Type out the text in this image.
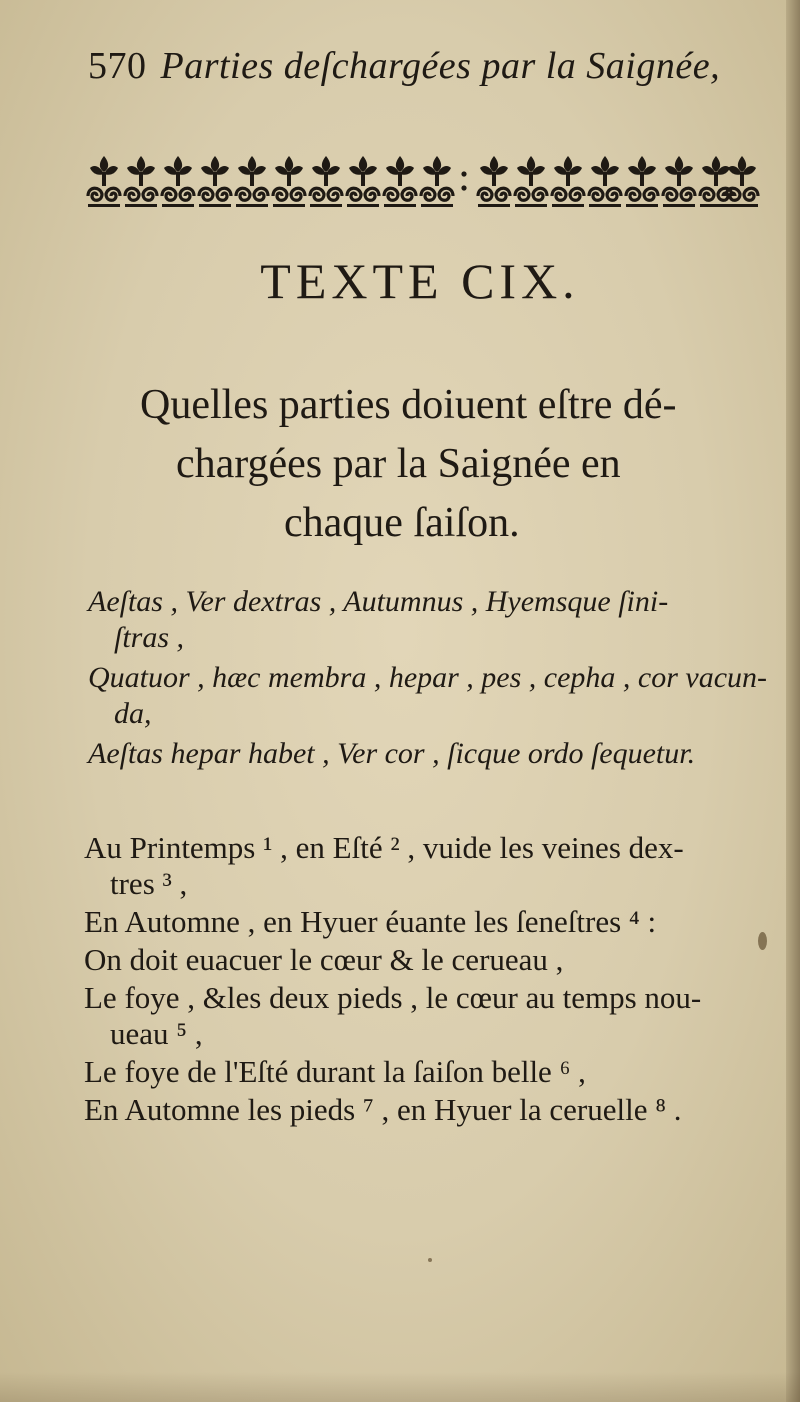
570 Parties deſchargées par la Saignée,
TEXTE CIX.
Quelles parties doiuent eſtre dé-
chargées par la Saignée en
chaque ſaiſon.
Aeſtas , Ver dextras , Autumnus , Hyemsque ſini-
ſtras ,
Quatuor , hæc membra , hepar , pes , cepha , cor vacun-
da,
Aeſtas hepar habet , Ver cor , ſicque ordo ſequetur.
Au Printemps ¹ , en Eſté ² , vuide les veines dex-
tres ³ ,
En Automne , en Hyuer éuante les ſeneſtres ⁴ :
On doit euacuer le cœur & le cerueau ,
Le foye , &les deux pieds , le cœur au temps nou-
ueau ⁵ ,
Le foye de l'Eſté durant la ſaiſon belle ⁶ ,
En Automne les pieds ⁷ , en Hyuer la ceruelle ⁸ .
